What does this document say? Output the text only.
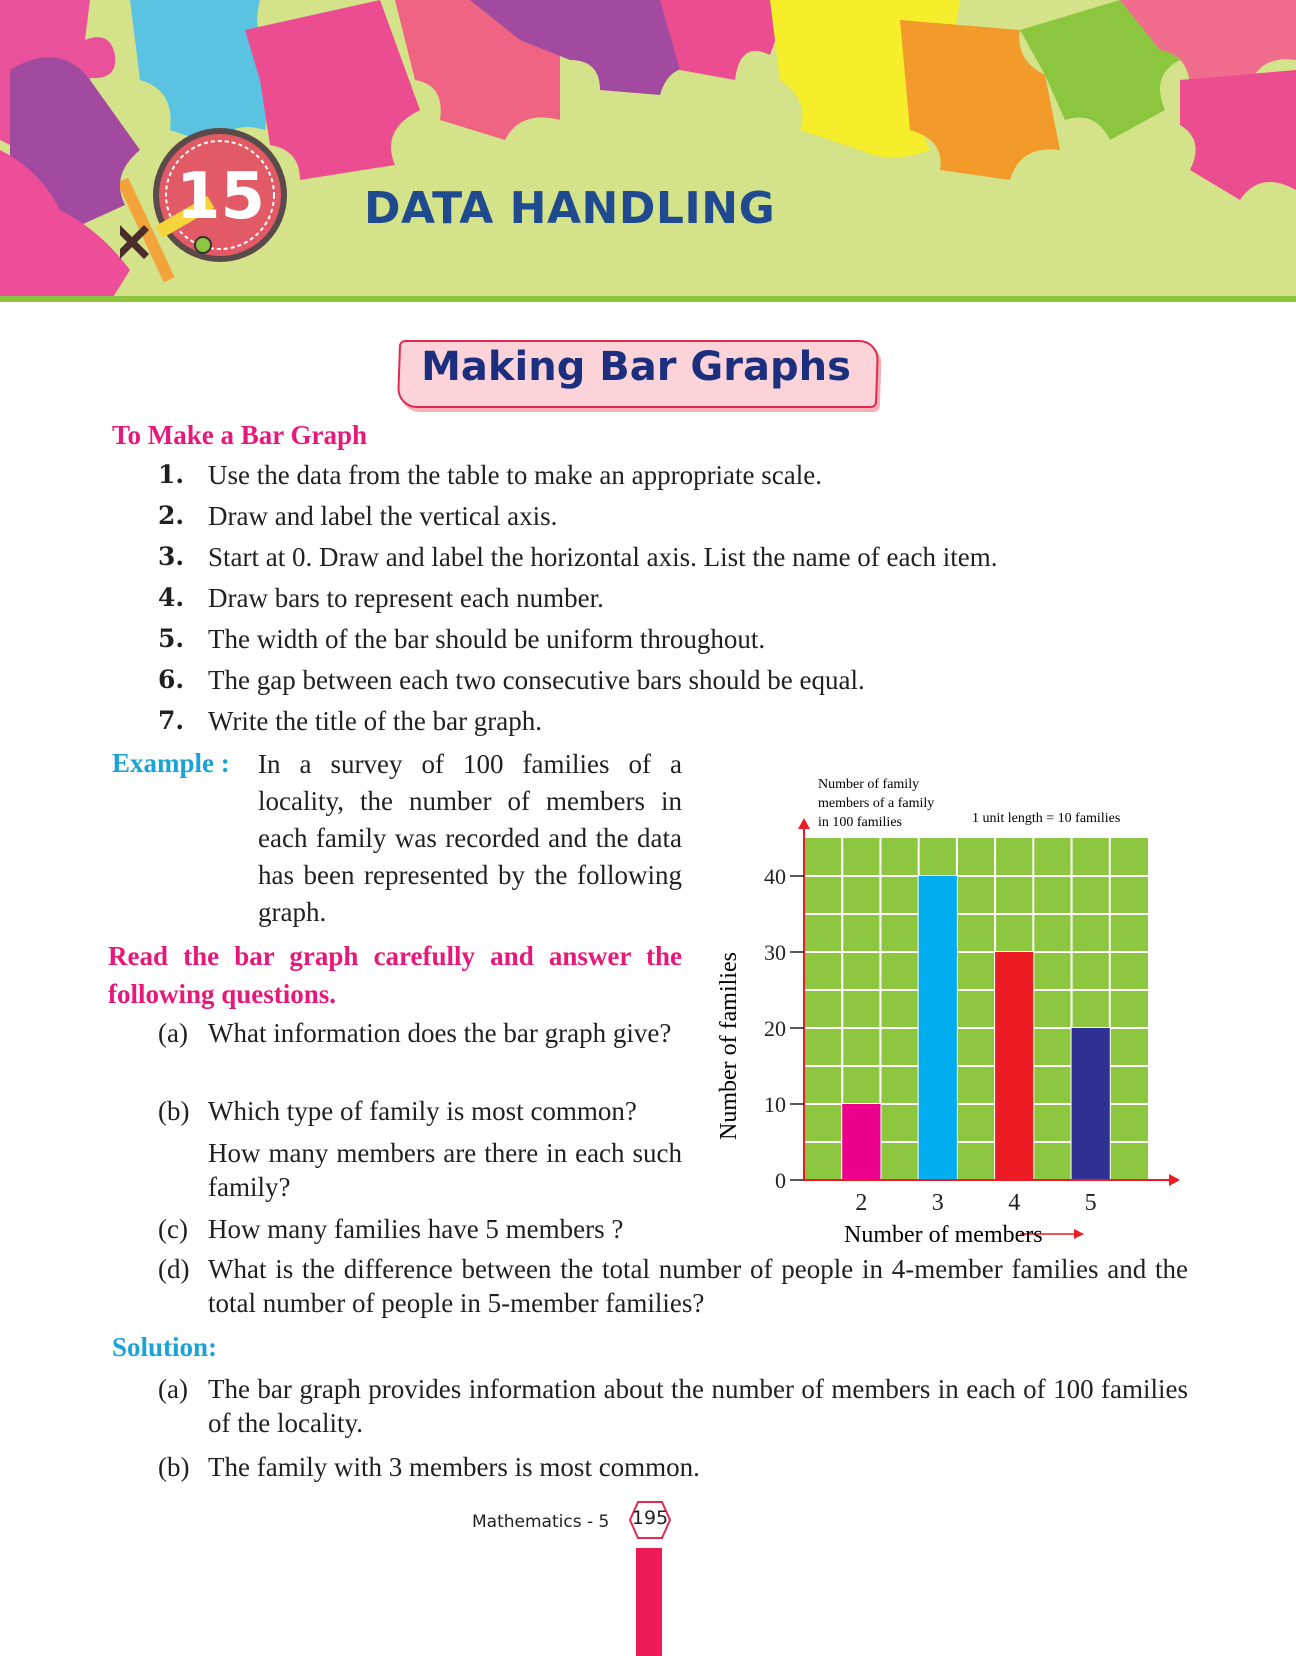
15 DATA HANDLING
Making Bar Graphs
To Make a Bar Graph
1. Use the data from the table to make an appropriate scale.
2. Draw and label the vertical axis.
3. Start at 0. Draw and label the horizontal axis. List the name of each item.
4. Draw bars to represent each number.
5. The width of the bar should be uniform throughout.
6. The gap between each two consecutive bars should be equal.
7. Write the title of the bar graph.
Example : In a survey of 100 families of a locality, the number of members in each family was recorded and the data has been represented by the following graph.

Read the bar graph carefully and answer the following questions.

(a) What information does the bar graph give?
(b) Which type of family is most common?
How many members are there in each such family?
(c) How many families have 5 members ?
(d) What is the difference between the total number of people in 4-member families and the total number of people in 5-member families?
Solution:
(a) The bar graph provides information about the number of members in each of 100 families of the locality.
(b) The family with 3 members is most common.
2	3	4	5
0
10
20
30
40
Number of family
members of a family
in 100 families	1 unit length = 10 families
Number of families
Number of members
Mathematics - 5 195
